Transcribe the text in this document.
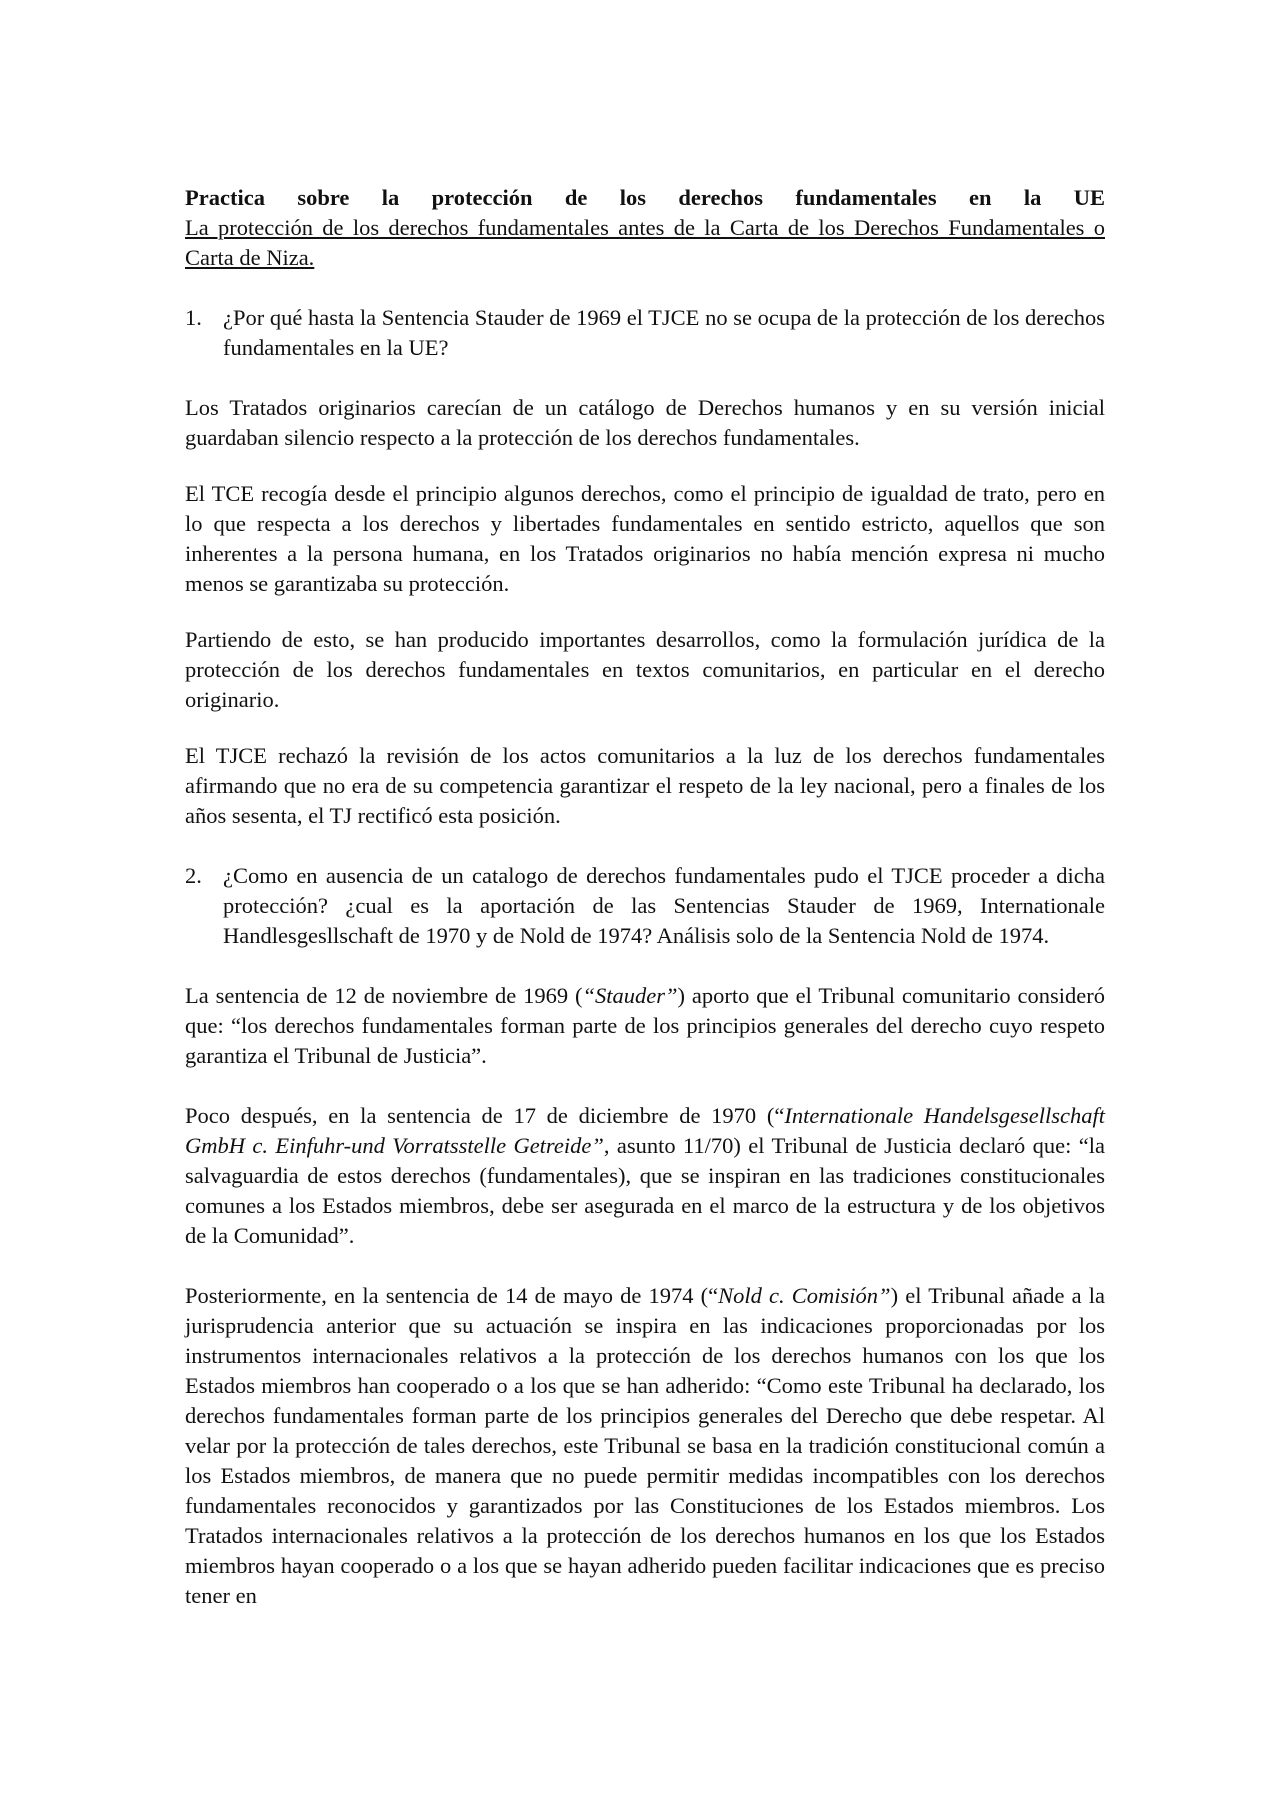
Practica sobre la protección de los derechos fundamentales en la UE

La protección de los derechos fundamentales antes de la Carta de los Derechos Fundamentales o Carta de Niza.

1. ¿Por qué hasta la Sentencia Stauder de 1969 el TJCE no se ocupa de la protección de los derechos fundamentales en la UE?

Los Tratados originarios carecían de un catálogo de Derechos humanos y en su versión inicial guardaban silencio respecto a la protección de los derechos fundamentales.

El TCE recogía desde el principio algunos derechos, como el principio de igualdad de trato, pero en lo que respecta a los derechos y libertades fundamentales en sentido estricto, aquellos que son inherentes a la persona humana, en los Tratados originarios no había mención expresa ni mucho menos se garantizaba su protección.

Partiendo de esto, se han producido importantes desarrollos, como la formulación jurídica de la protección de los derechos fundamentales en textos comunitarios, en particular en el derecho originario.

El TJCE rechazó la revisión de los actos comunitarios a la luz de los derechos fundamentales afirmando que no era de su competencia garantizar el respeto de la ley nacional, pero a finales de los años sesenta, el TJ rectificó esta posición.

2. ¿Como en ausencia de un catalogo de derechos fundamentales pudo el TJCE proceder a dicha protección? ¿cual es la aportación de las Sentencias Stauder de 1969, Internationale Handlesgesllschaft de 1970 y de Nold de 1974? Análisis solo de la Sentencia Nold de 1974.

La sentencia de 12 de noviembre de 1969 (“Stauder”) aporto que el Tribunal comunitario consideró que: “los derechos fundamentales forman parte de los principios generales del derecho cuyo respeto garantiza el Tribunal de Justicia”.

Poco después, en la sentencia de 17 de diciembre de 1970 (“Internationale Handelsgesellschaft GmbH c. Einfuhr-und Vorratsstelle Getreide”, asunto 11/70) el Tribunal de Justicia declaró que: “la salvaguardia de estos derechos (fundamentales), que se inspiran en las tradiciones constitucionales comunes a los Estados miembros, debe ser asegurada en el marco de la estructura y de los objetivos de la Comunidad”.

Posteriormente, en la sentencia de 14 de mayo de 1974 (“Nold c. Comisión”) el Tribunal añade a la jurisprudencia anterior que su actuación se inspira en las indicaciones proporcionadas por los instrumentos internacionales relativos a la protección de los derechos humanos con los que los Estados miembros han cooperado o a los que se han adherido: “Como este Tribunal ha declarado, los derechos fundamentales forman parte de los principios generales del Derecho que debe respetar. Al velar por la protección de tales derechos, este Tribunal se basa en la tradición constitucional común a los Estados miembros, de manera que no puede permitir medidas incompatibles con los derechos fundamentales reconocidos y garantizados por las Constituciones de los Estados miembros. Los Tratados internacionales relativos a la protección de los derechos humanos en los que los Estados miembros hayan cooperado o a los que se hayan adherido pueden facilitar indicaciones que es preciso tener en
